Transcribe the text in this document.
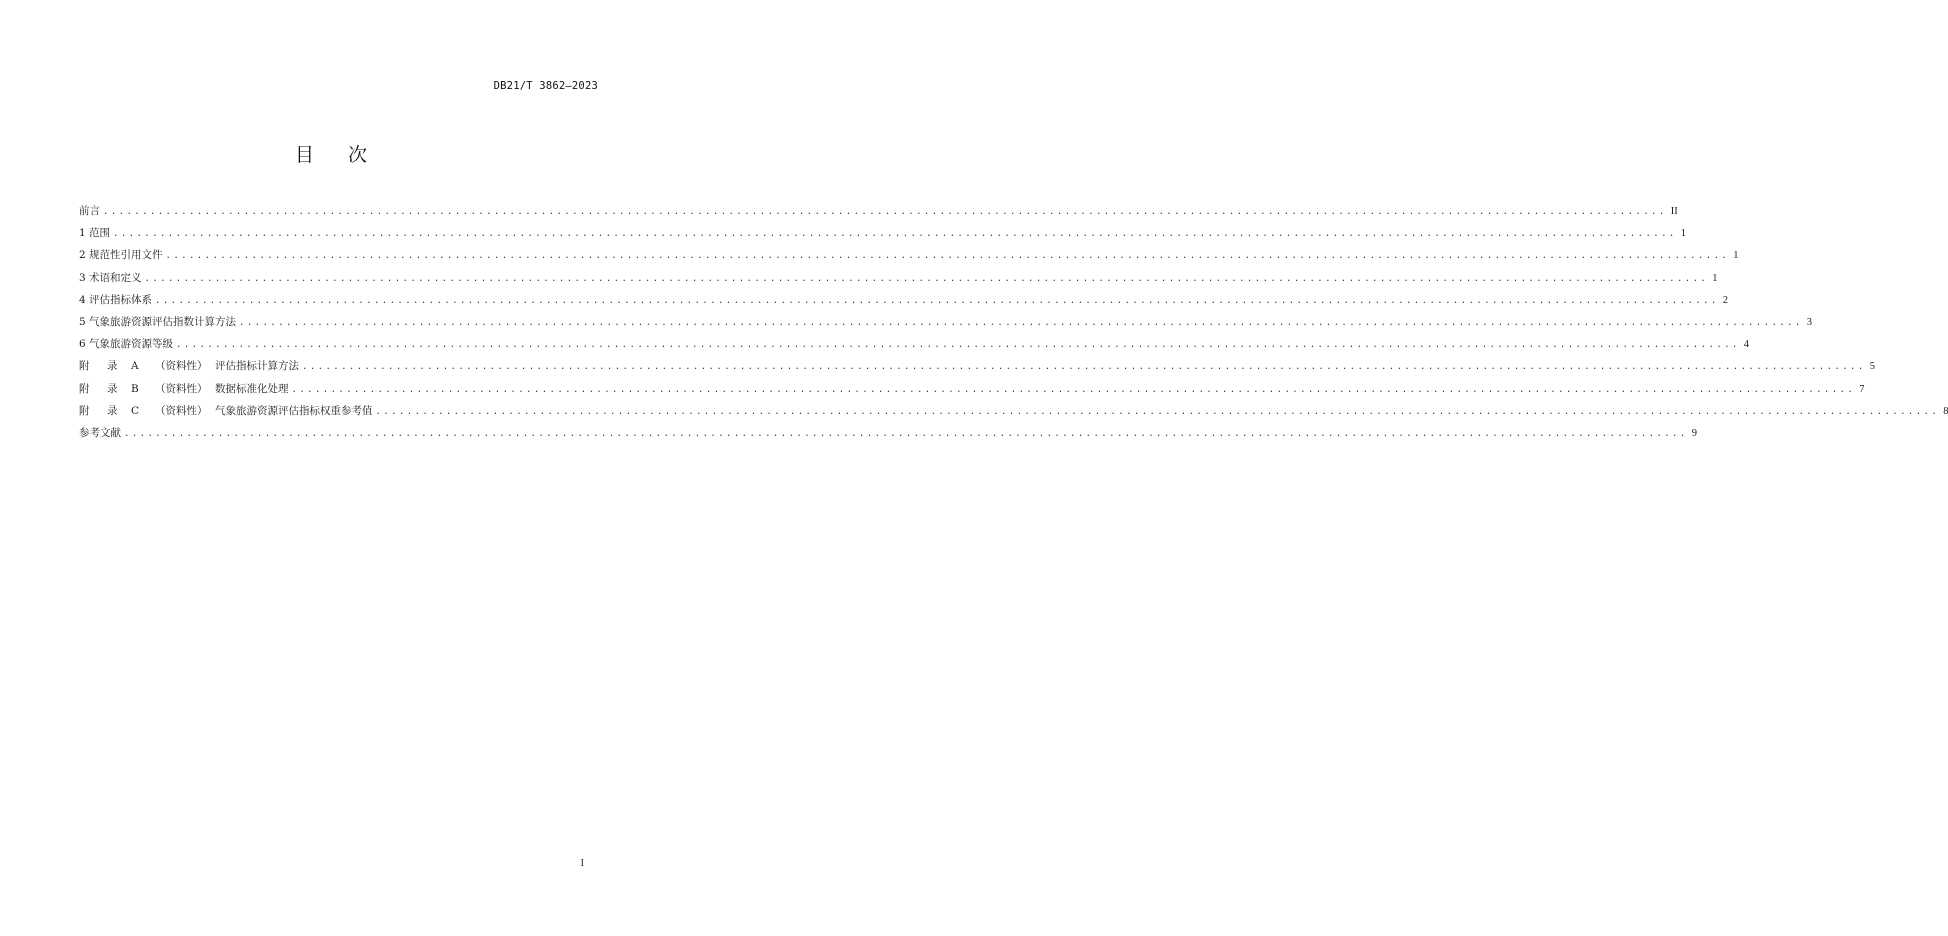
DB21/T 3862—2023
目次
前言 ........................................................................................................................................................................................................ II
1 范围 ........................................................................................................................................................................................................ 1
2 规范性引用文件 ........................................................................................................................................................................................................ 1
3 术语和定义 ........................................................................................................................................................................................................ 1
4 评估指标体系 ........................................................................................................................................................................................................ 2
5 气象旅游资源评估指数计算方法 ........................................................................................................................................................................................................ 3
6 气象旅游资源等级 ........................................................................................................................................................................................................ 4
附 录 A （资料性） 评估指标计算方法 ........................................................................................................................................................................................................ 5
附 录 B （资料性） 数据标准化处理 ........................................................................................................................................................................................................ 7
附 录 C （资料性） 气象旅游资源评估指标权重参考值 ........................................................................................................................................................................................................ 8
参考文献 ........................................................................................................................................................................................................ 9
I
